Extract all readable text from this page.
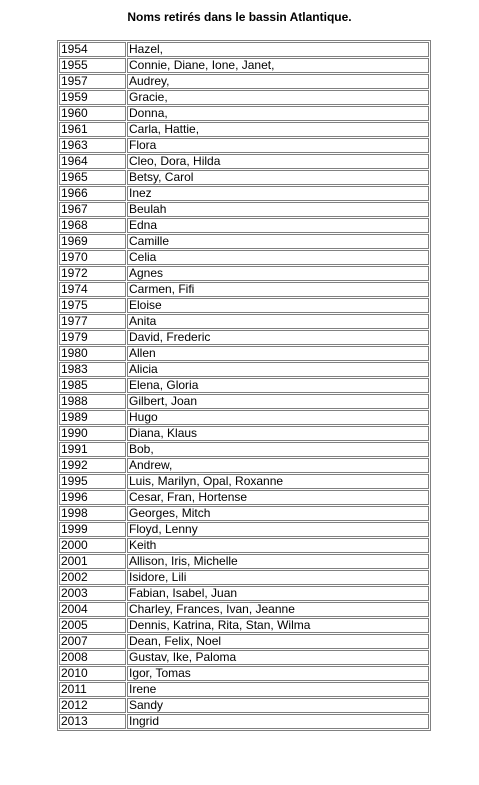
Noms retirés dans le bassin Atlantique.
1954	Hazel,
1955	Connie, Diane, Ione, Janet,
1957	Audrey,
1959	Gracie,
1960	Donna,
1961	Carla, Hattie,
1963	Flora
1964	Cleo, Dora, Hilda
1965	Betsy, Carol
1966	Inez
1967	Beulah
1968	Edna
1969	Camille
1970	Celia
1972	Agnes
1974	Carmen, Fifi
1975	Eloise
1977	Anita
1979	David, Frederic
1980	Allen
1983	Alicia
1985	Elena, Gloria
1988	Gilbert, Joan
1989	Hugo
1990	Diana, Klaus
1991	Bob,
1992	Andrew,
1995	Luis, Marilyn, Opal, Roxanne
1996	Cesar, Fran, Hortense
1998	Georges, Mitch
1999	Floyd, Lenny
2000	Keith
2001	Allison, Iris, Michelle
2002	Isidore, Lili
2003	Fabian, Isabel, Juan
2004	Charley, Frances, Ivan, Jeanne
2005	Dennis, Katrina, Rita, Stan, Wilma
2007	Dean, Felix, Noel
2008	Gustav, Ike, Paloma
2010	Igor, Tomas
2011	Irene
2012	Sandy
2013	Ingrid
